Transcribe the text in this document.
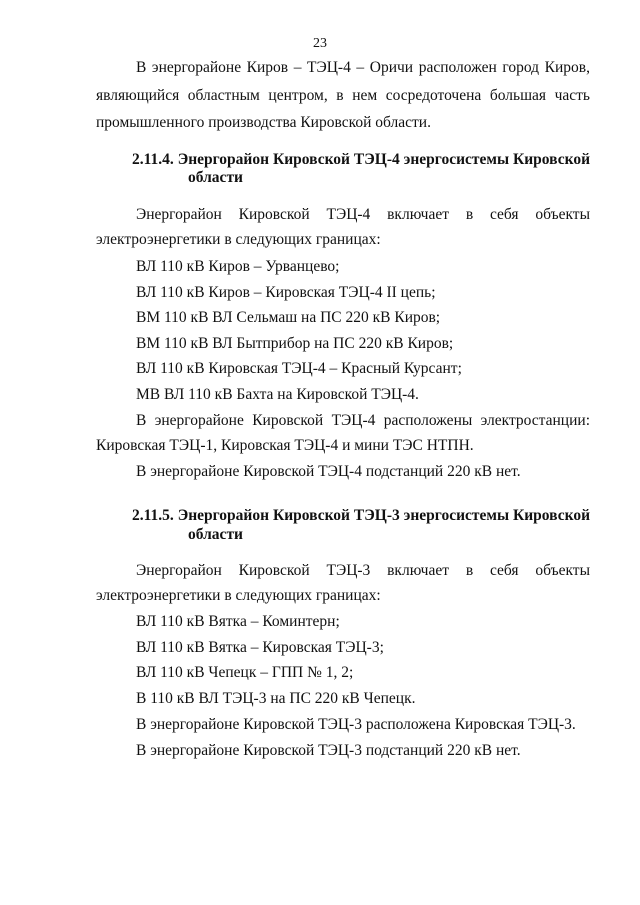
23
В энергорайоне Киров – ТЭЦ-4 – Оричи расположен город Киров,
являющийся областным центром, в нем сосредоточена большая часть
промышленного производства Кировской области.
2.11.4. Энергорайон Кировской ТЭЦ-4 энергосистемы Кировской
области
Энергорайон Кировской ТЭЦ-4 включает в себя объекты
электроэнергетики в следующих границах:
ВЛ 110 кВ Киров – Урванцево;
ВЛ 110 кВ Киров – Кировская ТЭЦ-4 II цепь;
ВМ 110 кВ ВЛ Сельмаш на ПС 220 кВ Киров;
ВМ 110 кВ ВЛ Бытприбор на ПС 220 кВ Киров;
ВЛ 110 кВ Кировская ТЭЦ-4 – Красный Курсант;
МВ ВЛ 110 кВ Бахта на Кировской ТЭЦ-4.
В энергорайоне Кировской ТЭЦ-4 расположены электростанции:
Кировская ТЭЦ-1, Кировская ТЭЦ-4 и мини ТЭС НТПН.
В энергорайоне Кировской ТЭЦ-4 подстанций 220 кВ нет.
2.11.5. Энергорайон Кировской ТЭЦ-3 энергосистемы Кировской
области
Энергорайон Кировской ТЭЦ-3 включает в себя объекты
электроэнергетики в следующих границах:
ВЛ 110 кВ Вятка – Коминтерн;
ВЛ 110 кВ Вятка – Кировская ТЭЦ-3;
ВЛ 110 кВ Чепецк – ГПП № 1, 2;
В 110 кВ ВЛ ТЭЦ-3 на ПС 220 кВ Чепецк.
В энергорайоне Кировской ТЭЦ-3 расположена Кировская ТЭЦ-3.
В энергорайоне Кировской ТЭЦ-3 подстанций 220 кВ нет.
